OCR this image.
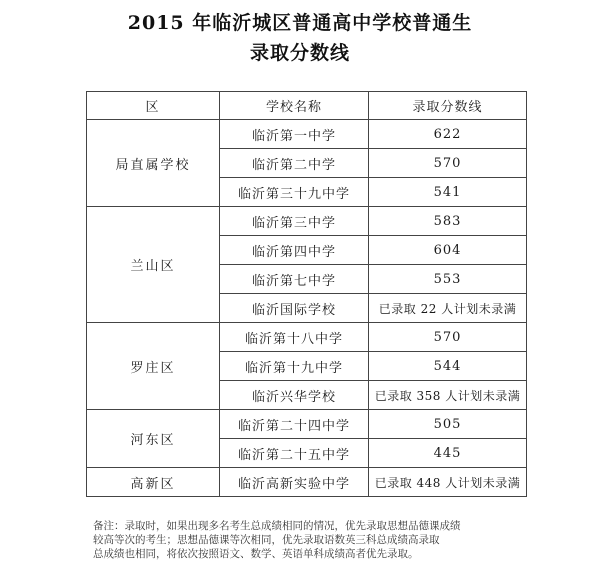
2015 年临沂城区普通高中学校普通生
录取分数线
区	学校名称	录取分数线
局直属学校	临沂第一中学	622
	临沂第二中学	570
	临沂第三十九中学	541
兰山区	临沂第三中学	583
	临沂第四中学	604
	临沂第七中学	553
	临沂国际学校	已录取 22 人计划未录满
罗庄区	临沂第十八中学	570
	临沂第十九中学	544
	临沂兴华学校	已录取 358 人计划未录满
河东区	临沂第二十四中学	505
	临沂第二十五中学	445
高新区	临沂高新实验中学	已录取 448 人计划未录满

备注：录取时，如果出现多名考生总成绩相同的情况，优先录取思想品德课成绩

较高等次的考生；思想品德课等次相同，优先录取语数英三科总成绩高录取

总成绩也相同，将依次按照语文、数学、英语单科成绩高者优先录取。
